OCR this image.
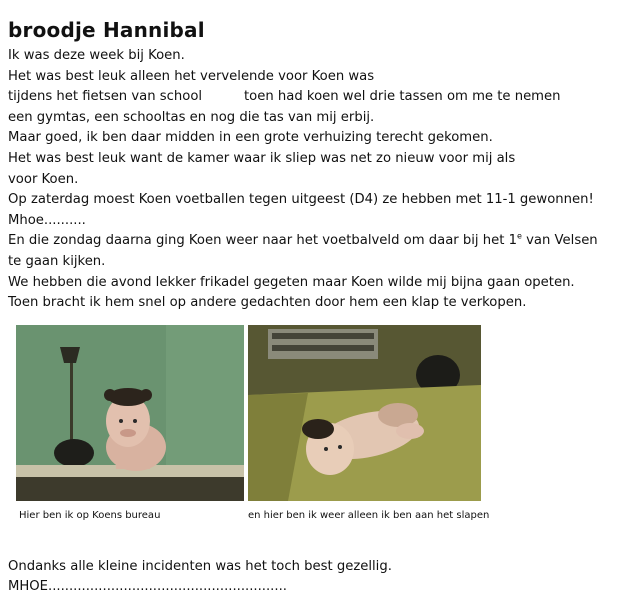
broodje Hannibal
Ik was deze week bij Koen.
Het was best leuk alleen het vervelende voor Koen was
tijdens het fietsen van school          toen had koen wel drie tassen om me te nemen
een gymtas, een schooltas en nog die tas van mij erbij.
Maar goed, ik ben daar midden in een grote verhuizing terecht gekomen.
Het was best leuk want de kamer waar ik sliep was net zo nieuw voor mij als
voor Koen.
Op zaterdag moest Koen voetballen tegen uitgeest (D4) ze hebben met 11-1 gewonnen!
Mhoe..........
En die zondag daarna ging Koen weer naar het voetbalveld om daar bij het 1e van Velsen
te gaan kijken.
We hebben die avond lekker frikadel gegeten maar Koen wilde mij bijna gaan opeten.
Toen bracht ik hem snel op andere gedachten door hem een klap te verkopen.
Hier ben ik op Koens bureau	en hier ben ik weer alleen ik ben aan het slapen
Ondanks alle kleine incidenten was het toch best gezellig.
MHOE.........................................................
